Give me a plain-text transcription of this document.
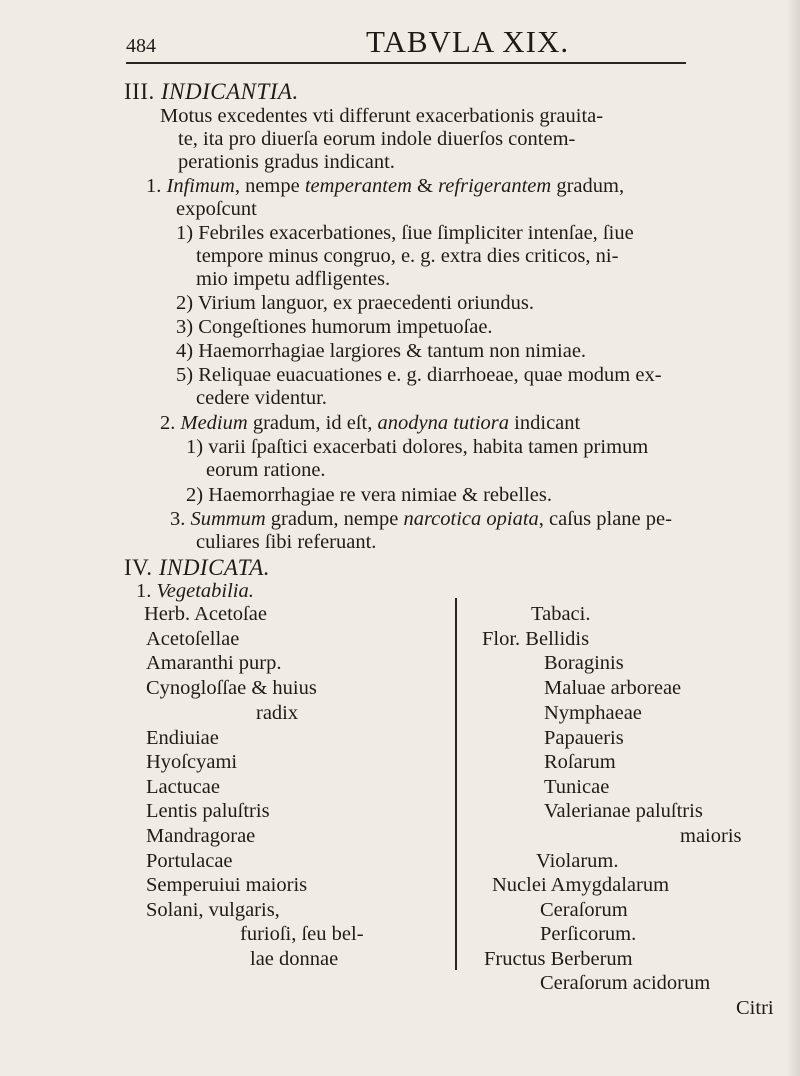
484	TABVLA XIX.
III. INDICANTIA.
Motus excedentes vti differunt exacerbationis grauita-
te, ita pro diuerſa eorum indole diuerſos contem-
perationis gradus indicant.
1. Infimum, nempe temperantem & refrigerantem gradum,
expoſcunt
1) Febriles exacerbationes, ſiue ſimpliciter intenſae, ſiue
tempore minus congruo, e. g. extra dies criticos, ni-
mio impetu adfligentes.
2) Virium languor, ex praecedenti oriundus.
3) Congeſtiones humorum impetuoſae.
4) Haemorrhagiae largiores & tantum non nimiae.
5) Reliquae euacuationes e. g. diarrhoeae, quae modum ex-
cedere videntur.
2. Medium gradum, id eſt, anodyna tutiora indicant
1) varii ſpaſtici exacerbati dolores, habita tamen primum
eorum ratione.
2) Haemorrhagiae re vera nimiae & rebelles.
3. Summum gradum, nempe narcotica opiata, caſus plane pe-
culiares ſibi referuant.
IV. INDICATA.
1. Vegetabilia.
Herb. Acetoſae
Acetoſellae
Amaranthi purp.
Cynogloſſae & huius
radix
Endiuiae
Hyoſcyami
Lactucae
Lentis paluſtris
Mandragorae
Portulacae
Semperuiui maioris
Solani, vulgaris,
furioſi, ſeu bel-
lae donnae
Tabaci.
Flor. Bellidis
Boraginis
Maluae arboreae
Nymphaeae
Papaueris
Roſarum
Tunicae
Valerianae paluſtris
maioris
Violarum.
Nuclei Amygdalarum
Ceraſorum
Perſicorum.
Fructus Berberum
Ceraſorum acidorum
Citri
